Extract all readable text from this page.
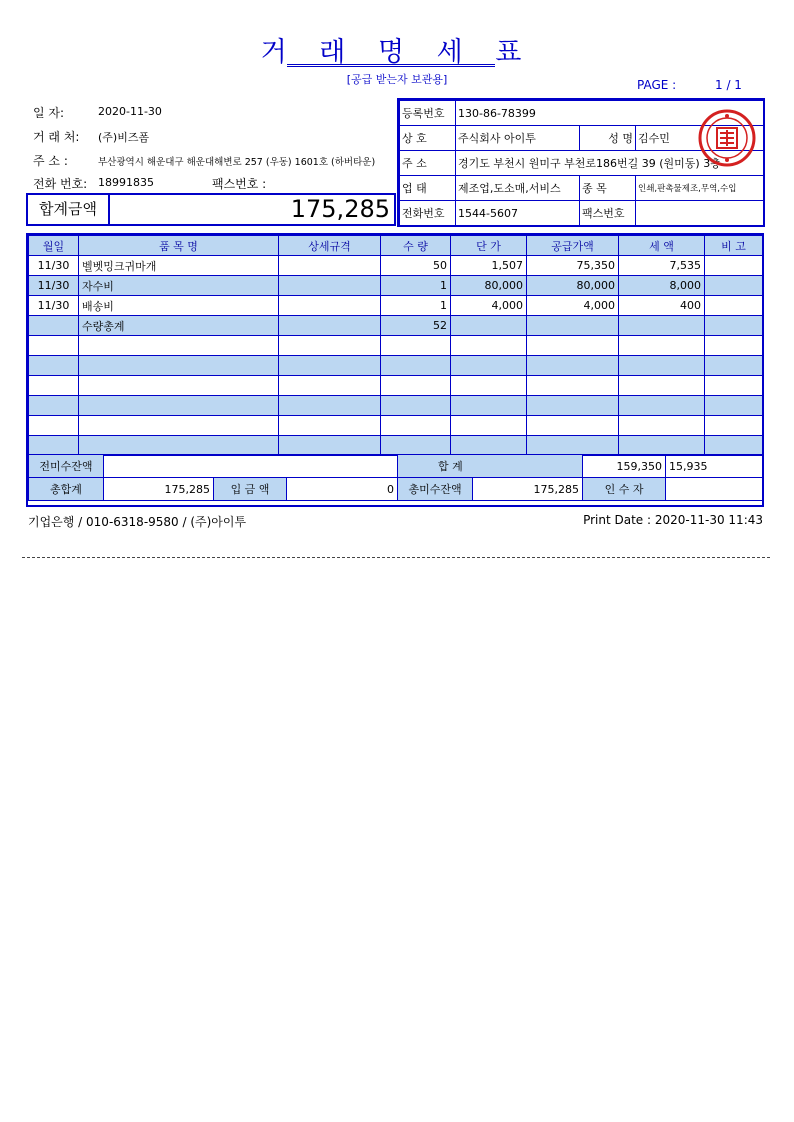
거 래 명 세 표
[공급 받는자 보관용]	PAGE :	1 / 1
일 자:	2020-11-30
거 래 처: (주)비즈폼
주 소 :	부산광역시 해운대구 해운대해변로 257 (우동) 1601호 (하버타운)
전화 번호: 18991835	팩스번호 :
합계금액	175,285
등록번호	130-86-78399		
상 호	주식회사 아이투	성 명	김수민
주 소	경기도 부천시 원미구 부천로186번길 39 (원미동) 3층		
업 태	제조업,도소매,서비스	종 목	인쇄,판촉물제조,무역,수입
전화번호	1544-5607	팩스번호	
월일	품 목 명	상세규격	수 량	단 가	공급가액	세 액	비 고
11/30	벨벳밍크귀마개		50	1,507	75,350	7,535	
11/30	자수비		1	80,000	80,000	8,000	
11/30	배송비		1	4,000	4,000	400	
	수량총계		52				

전미수잔액				합 계		159,350	15,935
총합계	175,285	입 금 액	0	총미수잔액	175,285	인 수 자	
기업은행 / 010-6318-9580 / (주)아이투	Print Date : 2020-11-30 11:43
